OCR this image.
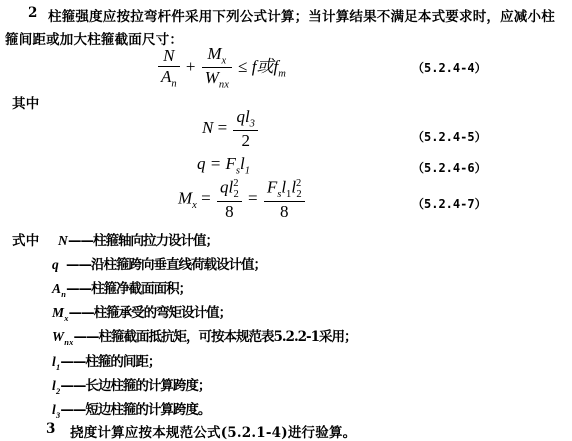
2 柱箍强度应按拉弯杆件采用下列公式计算；当计算结果不满足本式要求时，应减小柱
箍间距或加大柱箍截面尺寸：
$\frac{N}{A_n} + \frac{M_x}{W_{nx}} \le f$或$f_m$	（5.2.4-4）
其中
$N = \frac{ql_3}{2}$	（5.2.4-5）
$q = F_sl_1$	（5.2.4-6）
$M_x = \frac{ql^2_2}{8} = \frac{F_sl_1l^2_2}{8}$	（5.2.4-7）
式中 N——柱箍轴向拉力设计值；
q ——沿柱箍跨向垂直线荷载设计值；
$A_n——$柱箍净截面面积；
$M_x——$柱箍承受的弯矩设计值；
$W_{nx}——$柱箍截面抵抗矩，可按本规范表5.2.2-1采用；
$l_1——$柱箍的间距；
$l_2——$长边柱箍的计算跨度；
$l_3——$短边柱箍的计算跨度。
3 挠度计算应按本规范公式(5.2.1-4)进行验算。
